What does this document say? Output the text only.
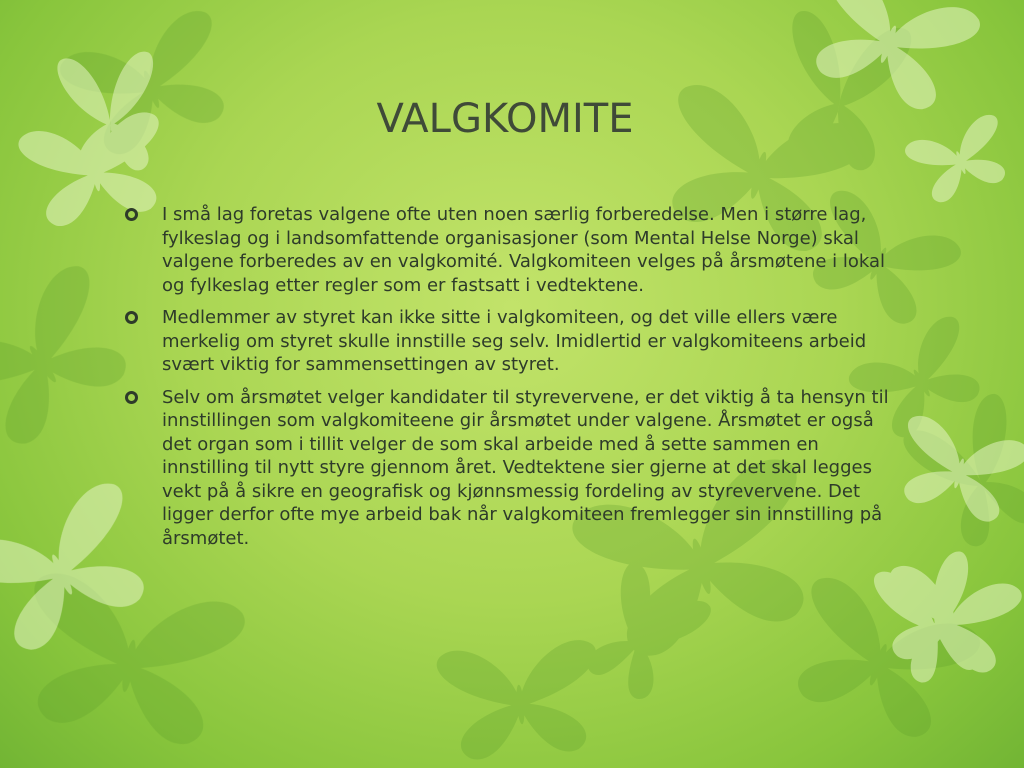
VALGKOMITE
I små lag foretas valgene ofte uten noen særlig forberedelse. Men i større lag, fylkeslag og i landsomfattende organisasjoner (som Mental Helse Norge) skal valgene forberedes av en valgkomité. Valgkomiteen velges på årsmøtene i lokal og fylkeslag etter regler som er fastsatt i vedtektene.
Medlemmer av styret kan ikke sitte i valgkomiteen, og det ville ellers være merkelig om styret skulle innstille seg selv. Imidlertid er valgkomiteens arbeid svært viktig for sammensettingen av styret.
Selv om årsmøtet velger kandidater til styrevervene, er det viktig å ta hensyn til innstillingen som valgkomiteene gir årsmøtet under valgene. Årsmøtet er også det organ som i tillit velger de som skal arbeide med å sette sammen en innstilling til nytt styre gjennom året. Vedtektene sier gjerne at det skal legges vekt på å sikre en geografisk og kjønnsmessig fordeling av styrevervene. Det ligger derfor ofte mye arbeid bak når valgkomiteen fremlegger sin innstilling på årsmøtet.
